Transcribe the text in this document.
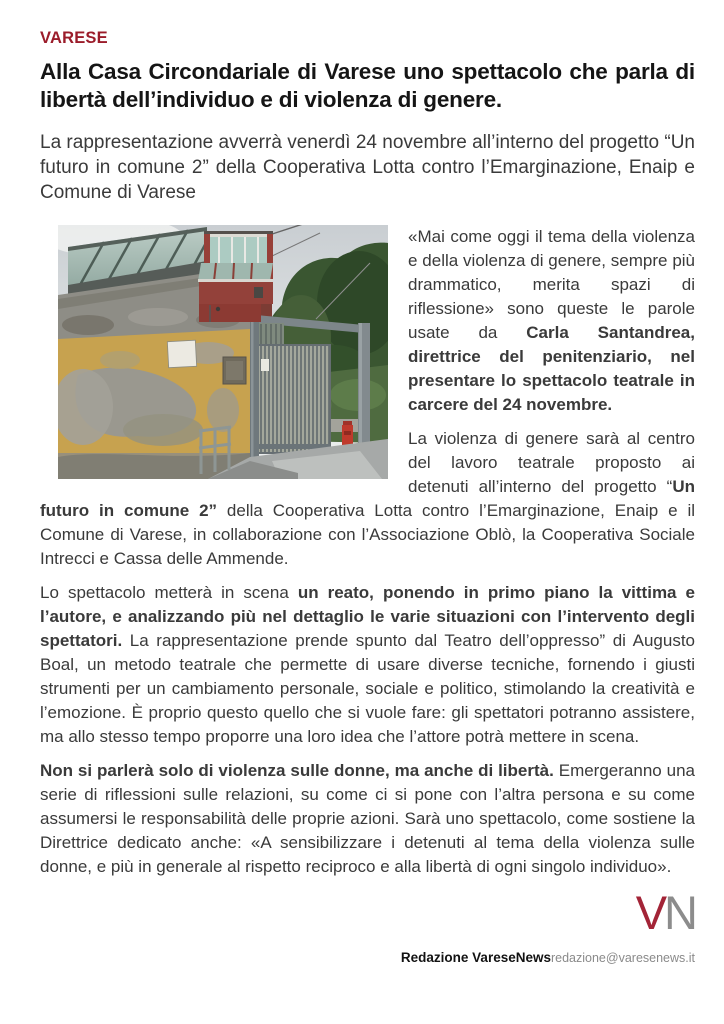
VARESE
Alla Casa Circondariale di Varese uno spettacolo che parla di libertà dell’individuo e di violenza di genere.

La rappresentazione avverrà venerdì 24 novembre all’interno del progetto “Un futuro in comune 2” della Cooperativa Lotta contro l’Emarginazione, Enaip e Comune di Varese

«Mai come oggi il tema della violenza e della violenza di genere, sempre più drammatico, merita spazi di riflessione» sono queste le parole usate da Carla Santandrea, direttrice del penitenziario, nel presentare lo spettacolo teatrale in carcere del 24 novembre.

La violenza di genere sarà al centro del lavoro teatrale proposto ai detenuti all’interno del progetto “Un futuro in comune 2” della Cooperativa Lotta contro l’Emarginazione, Enaip e il Comune di Varese, in collaborazione con l’Associazione Oblò, la Cooperativa Sociale Intrecci e Cassa delle Ammende.

Lo spettacolo metterà in scena un reato, ponendo in primo piano la vittima e l’autore, e analizzando più nel dettaglio le varie situazioni con l’intervento degli spettatori. La rappresentazione prende spunto dal Teatro dell’oppresso” di Augusto Boal, un metodo teatrale che permette di usare diverse tecniche, fornendo i giusti strumenti per un cambiamento personale, sociale e politico, stimolando la creatività e l’emozione. È proprio questo quello che si vuole fare: gli spettatori potranno assistere, ma allo stesso tempo proporre una loro idea che l’attore potrà mettere in scena.

Non si parlerà solo di violenza sulle donne, ma anche di libertà. Emergeranno una serie di riflessioni sulle relazioni, su come ci si pone con l’altra persona e su come assumersi le responsabilità delle proprie azioni. Sarà uno spettacolo, come sostiene la Direttrice dedicato anche: «A sensibilizzare i detenuti al tema della violenza sulle donne, e più in generale al rispetto reciproco e alla libertà di ogni singolo individuo».

VN
Redazione VareseNewsredazione@varesenews.it
